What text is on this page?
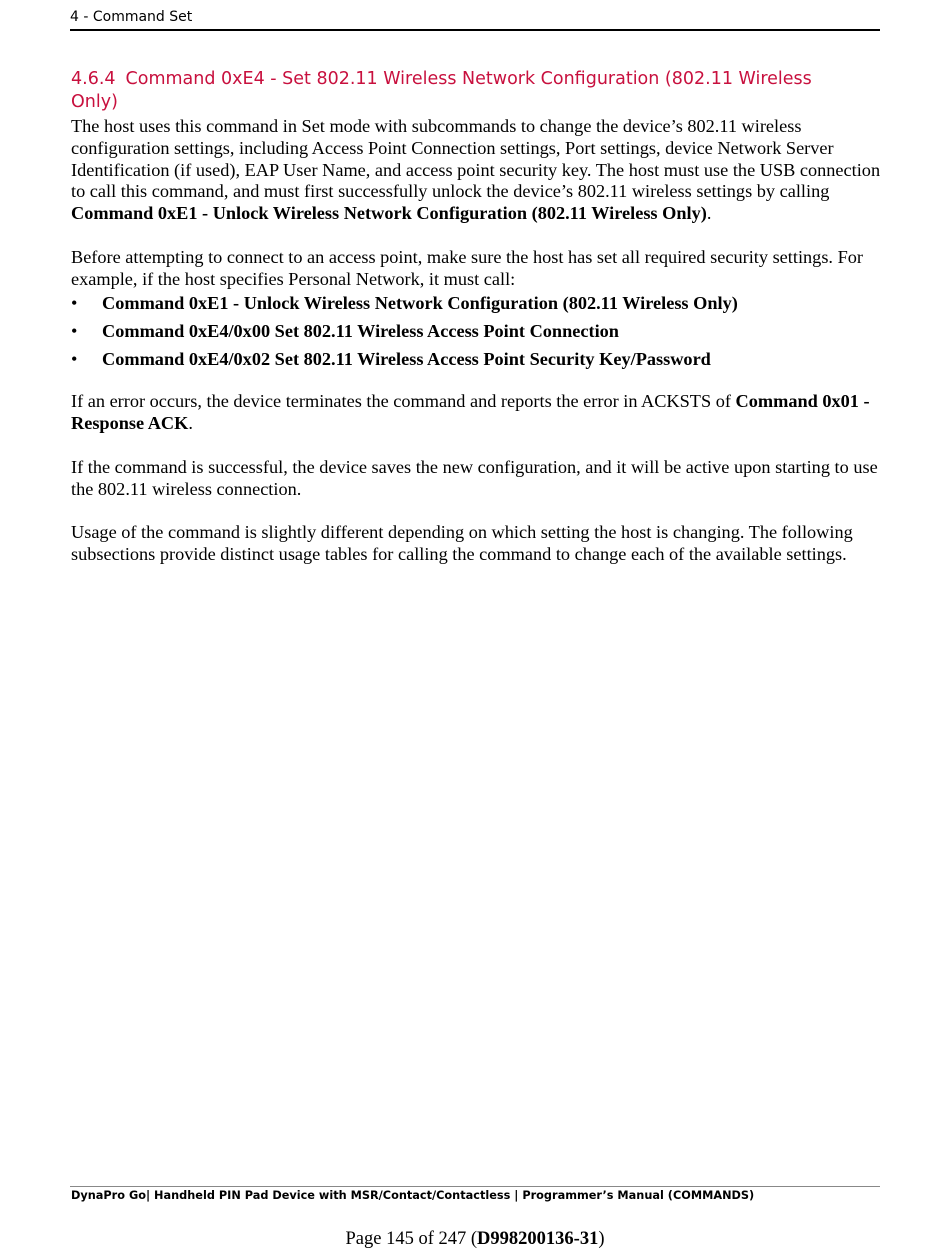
4 - Command Set
4.6.4 Command 0xE4 - Set 802.11 Wireless Network Configuration (802.11 Wireless Only)

The host uses this command in Set mode with subcommands to change the device’s 802.11 wireless configuration settings, including Access Point Connection settings, Port settings, device Network Server Identification (if used), EAP User Name, and access point security key. The host must use the USB connection to call this command, and must first successfully unlock the device’s 802.11 wireless settings by calling Command 0xE1 - Unlock Wireless Network Configuration (802.11 Wireless Only).

Before attempting to connect to an access point, make sure the host has set all required security settings. For example, if the host specifies Personal Network, it must call:

• Command 0xE1 - Unlock Wireless Network Configuration (802.11 Wireless Only)
• Command 0xE4/0x00 Set 802.11 Wireless Access Point Connection
• Command 0xE4/0x02 Set 802.11 Wireless Access Point Security Key/Password

If an error occurs, the device terminates the command and reports the error in ACKSTS of Command 0x01 - Response ACK.

If the command is successful, the device saves the new configuration, and it will be active upon starting to use the 802.11 wireless connection.

Usage of the command is slightly different depending on which setting the host is changing. The following subsections provide distinct usage tables for calling the command to change each of the available settings.

DynaPro Go| Handheld PIN Pad Device with MSR/Contact/Contactless | Programmer’s Manual (COMMANDS)
Page 145 of 247 (D998200136-31)
